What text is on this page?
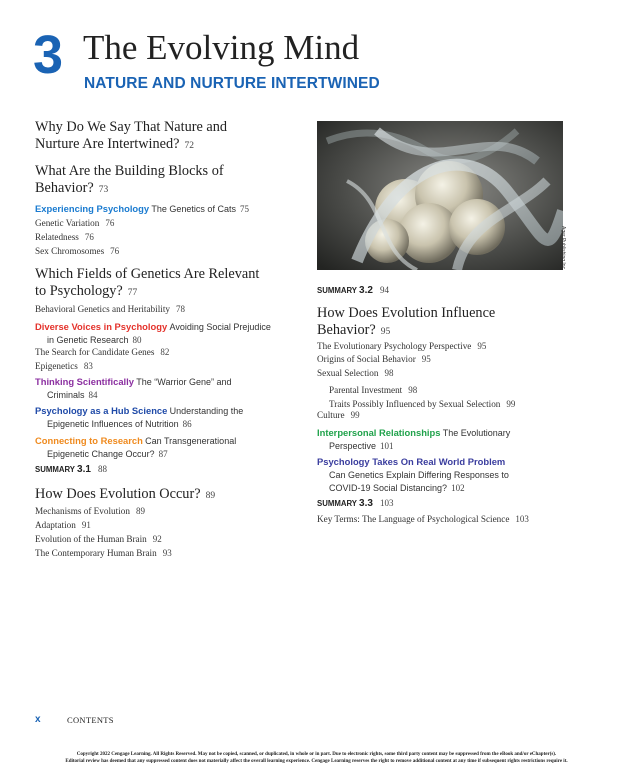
3 The Evolving Mind
NATURE AND NURTURE INTERTWINED
Why Do We Say That Nature and
Nurture Are Intertwined? 72
What Are the Building Blocks of
Behavior? 73
Experiencing Psychology The Genetics of Cats 75
Genetic Variation 76
Relatedness 76
Sex Chromosomes 76
Which Fields of Genetics Are Relevant
to Psychology? 77
Behavioral Genetics and Heritability 78
Diverse Voices in Psychology Avoiding Social Prejudice
in Genetic Research 80
The Search for Candidate Genes 82
Epigenetics 83
Thinking Scientifically The “Warrior Gene” and
Criminals 84
Psychology as a Hub Science Understanding the
Epigenetic Influences of Nutrition 86
Connecting to Research Can Transgenerational
Epigenetic Change Occur? 87
SUMMARY 3.1 88
How Does Evolution Occur? 89
Mechanisms of Evolution 89
Adaptation 91
Evolution of the Human Brain 92
The Contemporary Human Brain 93
Ager Publishing Inc.
SUMMARY 3.2 94
How Does Evolution Influence
Behavior? 95
The Evolutionary Psychology Perspective 95
Origins of Social Behavior 95
Sexual Selection 98
Parental Investment 98
Traits Possibly Influenced by Sexual Selection 99
Culture 99
Interpersonal Relationships The Evolutionary
Perspective 101
Psychology Takes On Real World Problem
Can Genetics Explain Differing Responses to
COVID-19 Social Distancing? 102
SUMMARY 3.3 103
Key Terms: The Language of Psychological Science 103
x	CONTENTS
Copyright 2022 Cengage Learning. All Rights Reserved. May not be copied, scanned, or duplicated, in whole or in part. Due to electronic rights, some third party content may be suppressed from the eBook and/or eChapter(s).
Editorial review has deemed that any suppressed content does not materially affect the overall learning experience. Cengage Learning reserves the right to remove additional content at any time if subsequent rights restrictions require it.
